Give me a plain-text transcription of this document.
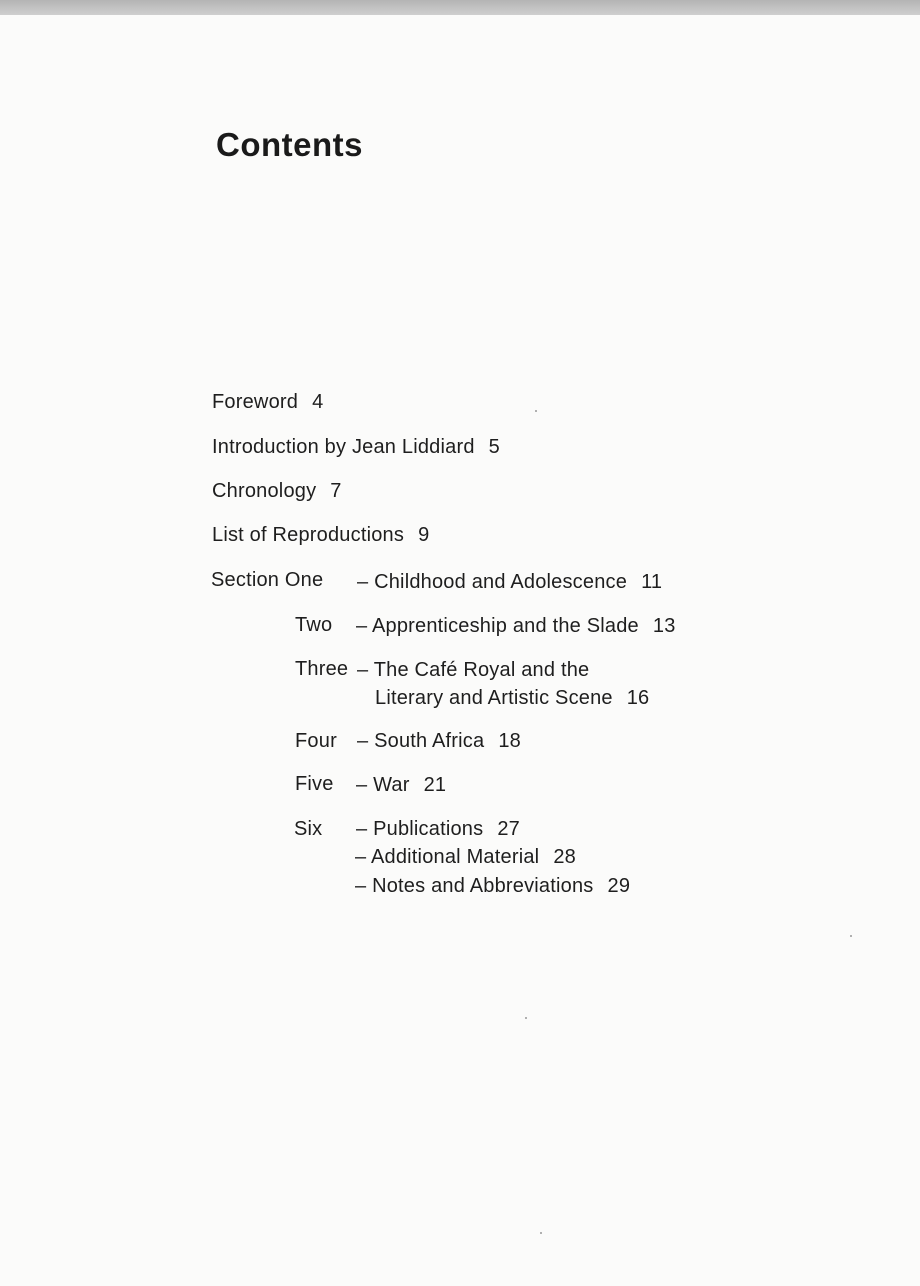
Contents
Foreword 4
Introduction by Jean Liddiard 5
Chronology 7
List of Reproductions 9
Section One – Childhood and Adolescence 11
Two – Apprenticeship and the Slade 13
Three – The Café Royal and the
Literary and Artistic Scene 16
Four – South Africa 18
Five – War 21
Six – Publications 27
– Additional Material 28
– Notes and Abbreviations 29
